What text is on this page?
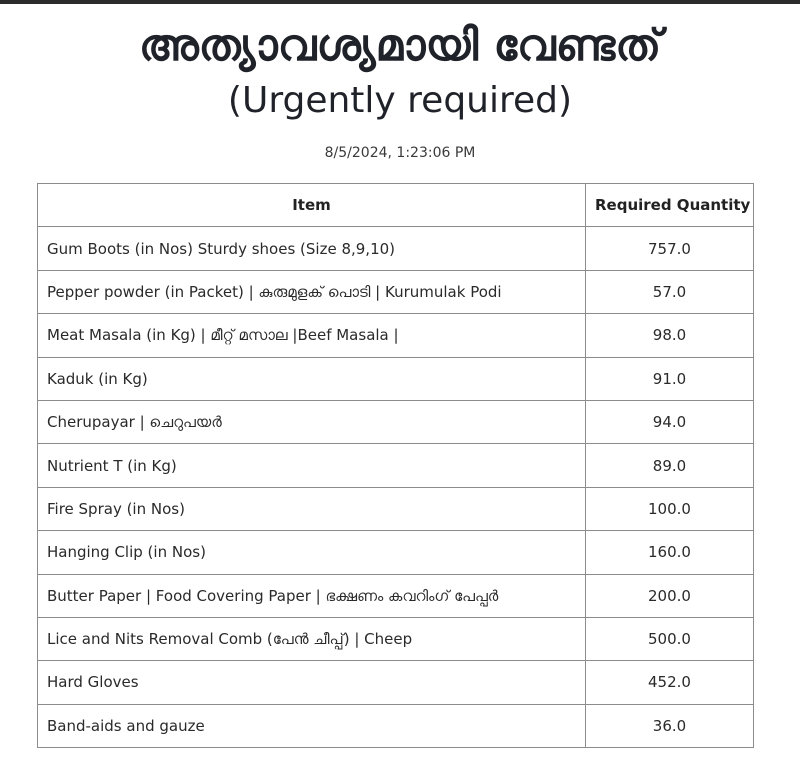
അത്യാവശ്യമായി വേണ്ടത്
(Urgently required)
8/5/2024, 1:23:06 PM
Item	Required Quantity
Gum Boots (in Nos) Sturdy shoes (Size 8,9,10)	757.0
Pepper powder (in Packet) | കുരുമുളക് പൊടി | Kurumulak Podi	57.0
Meat Masala (in Kg) | മീറ്റ് മസാല |Beef Masala |	98.0
Kaduk (in Kg)	91.0
Cherupayar | ചെറുപയർ	94.0
Nutrient T (in Kg)	89.0
Fire Spray (in Nos)	100.0
Hanging Clip (in Nos)	160.0
Butter Paper | Food Covering Paper | ഭക്ഷണം കവറിംഗ് പേപ്പർ	200.0
Lice and Nits Removal Comb (പേൻ ചീപ്പ്) | Cheep	500.0
Hard Gloves	452.0
Band-aids and gauze	36.0
